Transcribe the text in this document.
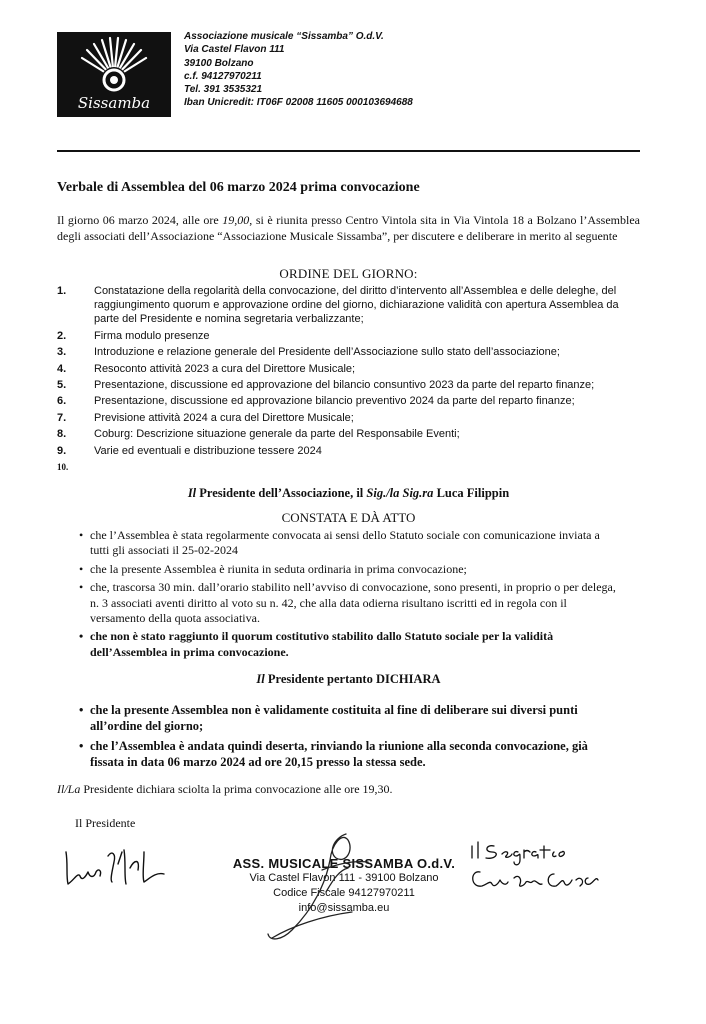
Sissamba
Associazione musicale “Sissamba” O.d.V.
Via Castel Flavon 111
39100 Bolzano
c.f. 94127970211
Tel. 391 3535321
Iban Unicredit: IT06F 02008 11605 000103694688
Verbale di Assemblea del 06 marzo 2024 prima convocazione
Il giorno 06 marzo 2024, alle ore 19,00, si è riunita presso Centro Vintola sita in Via Vintola 18 a Bolzano l’Assemblea degli associati dell’Associazione “Associazione Musicale Sissamba”, per discutere e deliberare in merito al seguente
ORDINE DEL GIORNO:
1.	Constatazione della regolarità della convocazione, del diritto d’intervento all’Assemblea e delle deleghe, del raggiungimento quorum e approvazione ordine del giorno, dichiarazione validità con apertura Assemblea da parte del Presidente e nomina segretaria verbalizzante;
2.	Firma modulo presenze
3.	Introduzione e relazione generale del Presidente dell’Associazione sullo stato dell’associazione;
4.	Resoconto attività 2023 a cura del Direttore Musicale;
5.	Presentazione, discussione ed approvazione del bilancio consuntivo 2023 da parte del reparto finanze;
6.	Presentazione, discussione ed approvazione bilancio preventivo 2024 da parte del reparto finanze;
7.	Previsione attività 2024 a cura del Direttore Musicale;
8.	Coburg: Descrizione situazione generale da parte del Responsabile Eventi;
9.	Varie ed eventuali e distribuzione tessere 2024
10.
Il Presidente dell’Associazione, il Sig./la Sig.ra Luca Filippin
CONSTATA E DÀ ATTO
• che l’Assemblea è stata regolarmente convocata ai sensi dello Statuto sociale con comunicazione inviata a tutti gli associati il 25-02-2024
• che la presente Assemblea è riunita in seduta ordinaria in prima convocazione;
• che, trascorsa 30 min. dall’orario stabilito nell’avviso di convocazione, sono presenti, in proprio o per delega, n. 3 associati aventi diritto al voto su n. 42, che alla data odierna risultano iscritti ed in regola con il versamento della quota associativa.
• che non è stato raggiunto il quorum costitutivo stabilito dallo Statuto sociale per la validità dell’Assemblea in prima convocazione.
Il Presidente pertanto DICHIARA
• che la presente Assemblea non è validamente costituita al fine di deliberare sui diversi punti all’ordine del giorno;
• che l’Assemblea è andata quindi deserta, rinviando la riunione alla seconda convocazione, già fissata in data 06 marzo 2024 ad ore 20,15 presso la stessa sede.
Il/La Presidente dichiara sciolta la prima convocazione alle ore 19,30.
Il Presidente
ASS. MUSICALE SISSAMBA O.d.V.
Via Castel Flavon 111 - 39100 Bolzano
Codice Fiscale 94127970211
info@sissamba.eu
